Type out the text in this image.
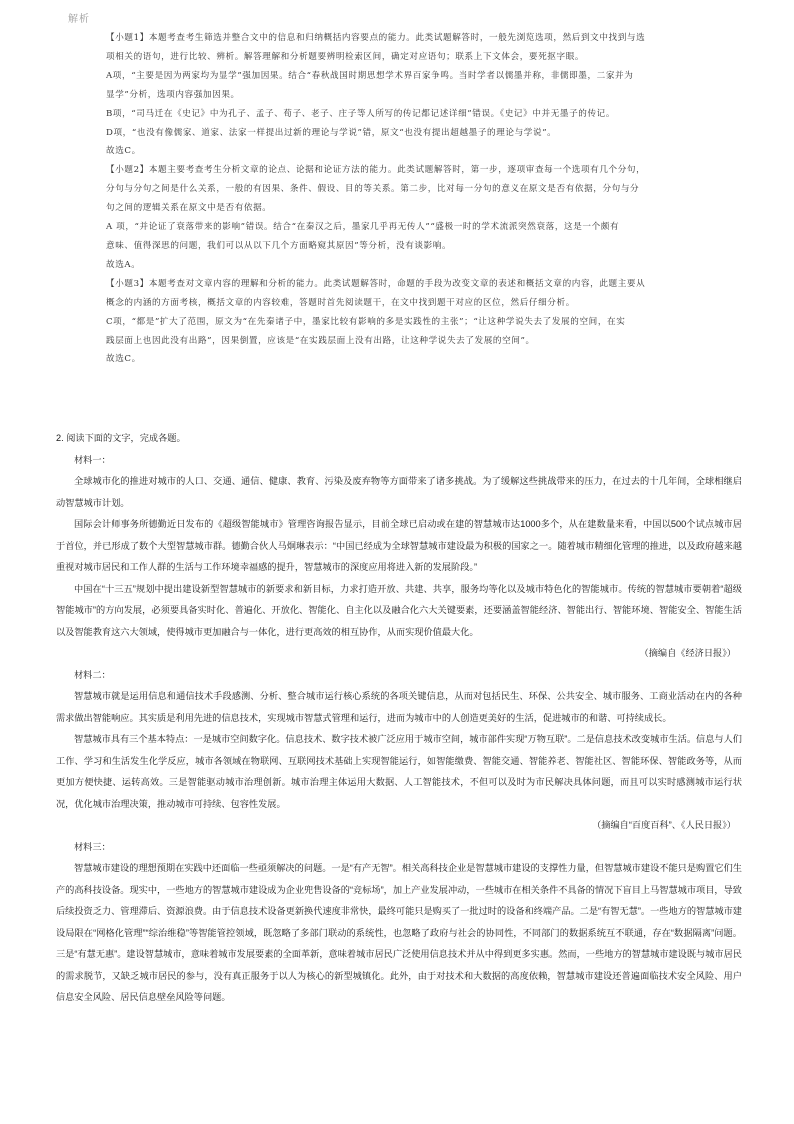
解析

【小题1】本题考查考生筛选并整合文中的信息和归纳概括内容要点的能力。此类试题解答时，一般先浏览选项，然后到文中找到与选

项相关的语句，进行比较、辨析。解答理解和分析题要辨明检索区间，确定对应语句；联系上下文体会，要死抠字眼。

A项，“主要是因为两家均为显学”强加因果。结合“春秋战国时期思想学术界百家争鸣。当时学者以儒墨并称，非儒即墨，二家并为

显学”分析，选项内容强加因果。

B项，“司马迁在《史记》中为孔子、孟子、荀子、老子、庄子等人所写的传记都记述详细”错误。《史记》中并无墨子的传记。

D项，“也没有像儒家、道家、法家一样提出过新的理论与学说”错，原文“也没有提出超越墨子的理论与学说”。

故选C。

【小题2】本题主要考查考生分析文章的论点、论据和论证方法的能力。此类试题解答时，第一步，逐项审查每一个选项有几个分句，

分句与分句之间是什么关系，一般的有因果、条件、假设、目的等关系。第二步，比对每一分句的意义在原文是否有依据，分句与分

句之间的逻辑关系在原文中是否有依据。

A 项，“并论证了衰落带来的影响”错误。结合“在秦汉之后，墨家几乎再无传人”“盛极一时的学术流派突然衰落，这是一个颇有

意味、值得深思的问题，我们可以从以下几个方面略窥其原因”等分析，没有谈影响。

故选A。

【小题3】本题考查对文章内容的理解和分析的能力。此类试题解答时，命题的手段为改变文章的表述和概括文章的内容，此题主要从

概念的内涵的方面考核，概括文章的内容较难，答题时首先阅读题干，在文中找到题干对应的区位，然后仔细分析。

C项，“都是”扩大了范围，原文为“在先秦诸子中，墨家比较有影响的多是实践性的主张”；“让这种学说失去了发展的空间，在实

践层面上也因此没有出路”，因果倒置，应该是“在实践层面上没有出路，让这种学说失去了发展的空间”。

故选C。

2. 阅读下面的文字，完成各题。

材料一：

全球城市化的推进对城市的人口、交通、通信、健康、教育、污染及废弃物等方面带来了诸多挑战。为了缓解这些挑战带来的压力，在过去的十几年间，全球相继启动智慧城市计划。

国际会计师事务所德勤近日发布的《超级智能城市》管理咨询报告显示，目前全球已启动或在建的智慧城市达1000多个，从在建数量来看，中国以500个试点城市居于首位，并已形成了数个大型智慧城市群。德勤合伙人马炯琳表示：“中国已经成为全球智慧城市建设最为积极的国家之一。随着城市精细化管理的推进，以及政府越来越重视对城市居民和工作人群的生活与工作环境幸福感的提升，智慧城市的深度应用将进入新的发展阶段。”

中国在“十三五”规划中提出建设新型智慧城市的新要求和新目标，力求打造开放、共建、共享，服务均等化以及城市特色化的智能城市。传统的智慧城市要朝着“超级智能城市”的方向发展，必须要具备实时化、普遍化、开放化、智能化、自主化以及融合化六大关键要素，还要涵盖智能经济、智能出行、智能环境、智能安全、智能生活以及智能教育这六大领域，使得城市更加融合与一体化，进行更高效的相互协作，从而实现价值最大化。

（摘编自《经济日报》）

材料二：

智慧城市就是运用信息和通信技术手段感测、分析、整合城市运行核心系统的各项关键信息，从而对包括民生、环保、公共安全、城市服务、工商业活动在内的各种需求做出智能响应。其实质是利用先进的信息技术，实现城市智慧式管理和运行，进而为城市中的人创造更美好的生活，促进城市的和谐、可持续成长。

智慧城市具有三个基本特点：一是城市空间数字化。信息技术、数字技术被广泛应用于城市空间，城市部件实现“万物互联”。二是信息技术改变城市生活。信息与人们工作、学习和生活发生化学反应，城市各领域在物联网、互联网技术基础上实现智能运行，如智能缴费、智能交通、智能养老、智能社区、智能环保、智能政务等，从而更加方便快捷、运转高效。三是智能驱动城市治理创新。城市治理主体运用大数据、人工智能技术，不但可以及时为市民解决具体问题，而且可以实时感测城市运行状况，优化城市治理决策，推动城市可持续、包容性发展。

（摘编自“百度百科”、《人民日报》）

材料三：

智慧城市建设的理想预期在实践中还面临一些亟须解决的问题。一是“有产无智”。相关高科技企业是智慧城市建设的支撑性力量，但智慧城市建设不能只是购置它们生产的高科技设备。现实中，一些地方的智慧城市建设成为企业兜售设备的“竞标场”，加上产业发展冲动，一些城市在相关条件不具备的情况下盲目上马智慧城市项目，导致后续投资乏力、管理滞后、资源浪费。由于信息技术设备更新换代速度非常快，最终可能只是购买了一批过时的设备和终端产品。二是“有智无慧”。一些地方的智慧城市建设局限在“网格化管理”“综治维稳”等智能管控领域，既忽略了多部门联动的系统性，也忽略了政府与社会的协同性，不同部门的数据系统互不联通，存在“数据隔离”问题。三是“有慧无惠”。建设智慧城市，意味着城市发展要素的全面革新，意味着城市居民广泛使用信息技术并从中得到更多实惠。然而，一些地方的智慧城市建设既与城市居民的需求脱节，又缺乏城市居民的参与，没有真正服务于以人为核心的新型城镇化。此外，由于对技术和大数据的高度依赖，智慧城市建设还普遍面临技术安全风险、用户信息安全风险、居民信息壁垒风险等问题。
